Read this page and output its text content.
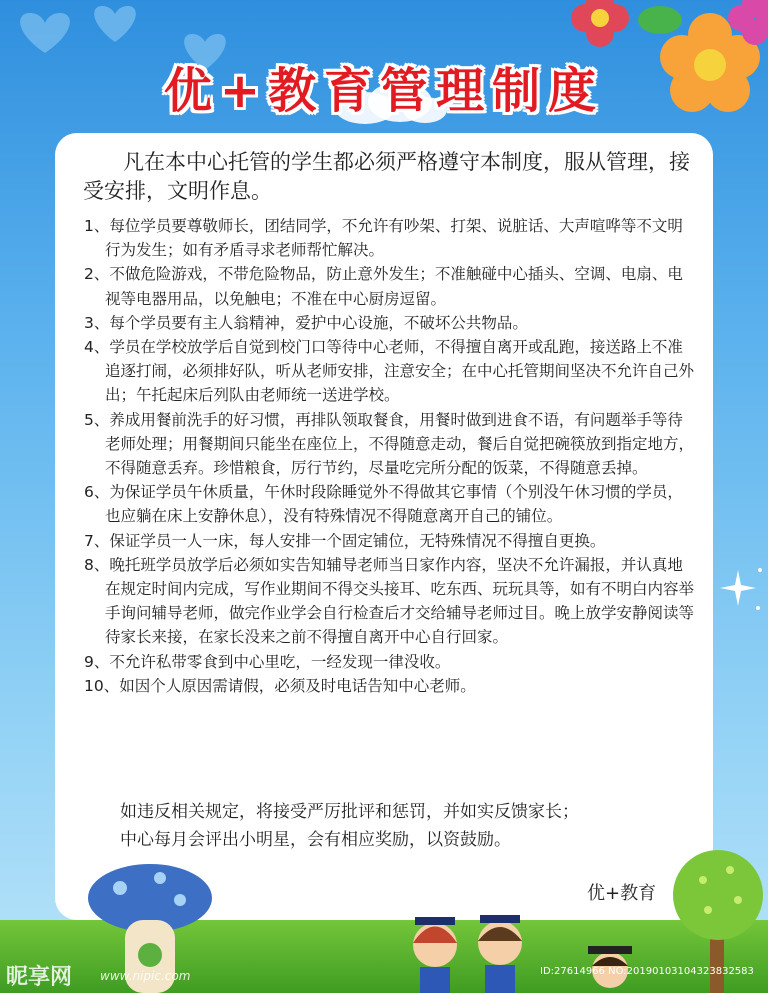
优+教育管理制度
凡在本中心托管的学生都必须严格遵守本制度，服从管理，接受安排，文明作息。
1、每位学员要尊敬师长，团结同学，不允许有吵架、打架、说脏话、大声喧哗等不文明行为发生；如有矛盾寻求老师帮忙解决。
2、不做危险游戏，不带危险物品，防止意外发生；不准触碰中心插头、空调、电扇、电视等电器用品，以免触电；不准在中心厨房逗留。
3、每个学员要有主人翁精神，爱护中心设施，不破坏公共物品。
4、学员在学校放学后自觉到校门口等待中心老师，不得擅自离开或乱跑，接送路上不准追逐打闹，必须排好队，听从老师安排，注意安全；在中心托管期间坚决不允许自己外出；午托起床后列队由老师统一送进学校。
5、养成用餐前洗手的好习惯，再排队领取餐食，用餐时做到进食不语，有问题举手等待老师处理；用餐期间只能坐在座位上，不得随意走动，餐后自觉把碗筷放到指定地方，不得随意丢弃。珍惜粮食，厉行节约，尽量吃完所分配的饭菜，不得随意丢掉。
6、为保证学员午休质量，午休时段除睡觉外不得做其它事情（个别没午休习惯的学员，也应躺在床上安静休息），没有特殊情况不得随意离开自己的铺位。
7、保证学员一人一床，每人安排一个固定铺位，无特殊情况不得擅自更换。
8、晚托班学员放学后必须如实告知辅导老师当日家作内容，坚决不允许漏报，并认真地在规定时间内完成，写作业期间不得交头接耳、吃东西、玩玩具等，如有不明白内容举手询问辅导老师，做完作业学会自行检查后才交给辅导老师过目。晚上放学安静阅读等待家长来接，在家长没来之前不得擅自离开中心自行回家。
9、不允许私带零食到中心里吃，一经发现一律没收。
10、如因个人原因需请假，必须及时电话告知中心老师。
如违反相关规定，将接受严厉批评和惩罚，并如实反馈家长；
中心每月会评出小明星，会有相应奖励，以资鼓励。
优+教育
昵享网 www.nipic.com	ID:27614966 NO:20190103104323832583
